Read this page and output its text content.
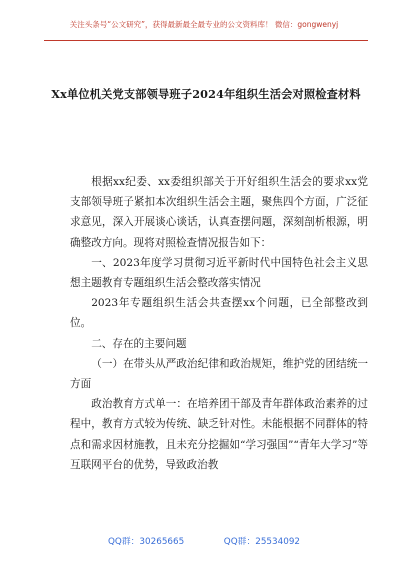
关注头条号“公文研究”，获得最新最全最专业的公文资料库！ 微信：gongwenyj
Xx单位机关党支部领导班子2024年组织生活会对照检查材料

根据xx纪委、xx委组织部关于开好组织生活会的要求xx党支部领导班子紧扣本次组织生活会主题，聚焦四个方面，广泛征求意见，深入开展谈心谈话，认真查摆问题，深刻剖析根源，明确整改方向。现将对照检查情况报告如下：

一、2023年度学习贯彻习近平新时代中国特色社会主义思想主题教育专题组织生活会整改落实情况

2023年专题组织生活会共查摆xx个问题，已全部整改到位。

二、存在的主要问题

（一）在带头从严政治纪律和政治规矩，维护党的团结统一方面

政治教育方式单一：在培养团干部及青年群体政治素养的过程中，教育方式较为传统、缺乏针对性。未能根据不同群体的特点和需求因材施教，且未充分挖掘如“学习强国”“青年大学习”等互联网平台的优势，导致政治教

QQ群：30265665	QQ群：25534092
